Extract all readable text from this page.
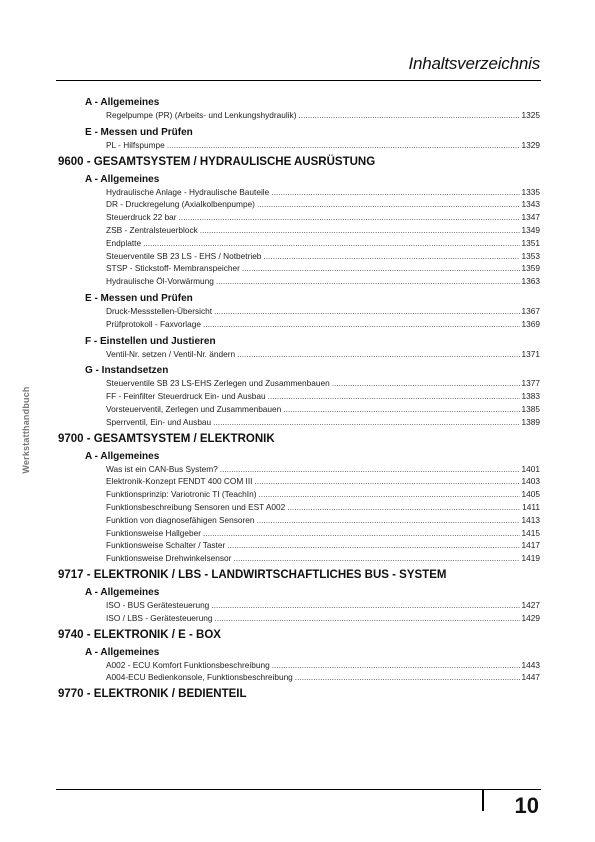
Inhaltsverzeichnis
Werkstatthandbuch
A - Allgemeines
Regelpumpe (PR) (Arbeits- und Lenkungshydraulik) .....	1325
E - Messen und Prüfen
PL - Hilfspumpe .....	1329
9600 - GESAMTSYSTEM / HYDRAULISCHE AUSRÜSTUNG
A - Allgemeines
Hydraulische Anlage - Hydraulische Bauteile .....	1335
DR - Druckregelung (Axialkolbenpumpe) .....	1343
Steuerdruck 22 bar .....	1347
ZSB - Zentralsteuerblock .....	1349
Endplatte .....	1351
Steuerventile SB 23 LS - EHS / Notbetrieb .....	1353
STSP - Stickstoff- Membranspeicher .....	1359
Hydraulische Öl-Vorwärmung .....	1363
E - Messen und Prüfen
Druck-Messstellen-Übersicht .....	1367
Prüfprotokoll - Faxvorlage .....	1369
F - Einstellen und Justieren
Ventil-Nr. setzen / Ventil-Nr. ändern .....	1371
G - Instandsetzen
Steuerventile SB 23 LS-EHS Zerlegen und Zusammenbauen .....	1377
FF - Feinfilter Steuerdruck Ein- und Ausbau .....	1383
Vorsteuerventil, Zerlegen und Zusammenbauen .....	1385
Sperrventil, Ein- und Ausbau .....	1389
9700 - GESAMTSYSTEM / ELEKTRONIK
A - Allgemeines
Was ist ein CAN-Bus System? .....	1401
Elektronik-Konzept FENDT 400 COM III .....	1403
Funktionsprinzip: Variotronic TI (TeachIn) .....	1405
Funktionsbeschreibung Sensoren und EST A002 .....	1411
Funktion von diagnosefähigen Sensoren .....	1413
Funktionsweise Hallgeber .....	1415
Funktionsweise Schalter / Taster .....	1417
Funktionsweise Drehwinkelsensor .....	1419
9717 - ELEKTRONIK / LBS - LANDWIRTSCHAFTLICHES BUS - SYSTEM
A - Allgemeines
ISO - BUS Gerätesteuerung .....	1427
ISO / LBS - Gerätesteuerung .....	1429
9740 - ELEKTRONIK / E - BOX
A - Allgemeines
A002 - ECU Komfort Funktionsbeschreibung .....	1443
A004-ECU Bedienkonsole, Funktionsbeschreibung .....	1447
9770 - ELEKTRONIK / BEDIENTEIL
10
